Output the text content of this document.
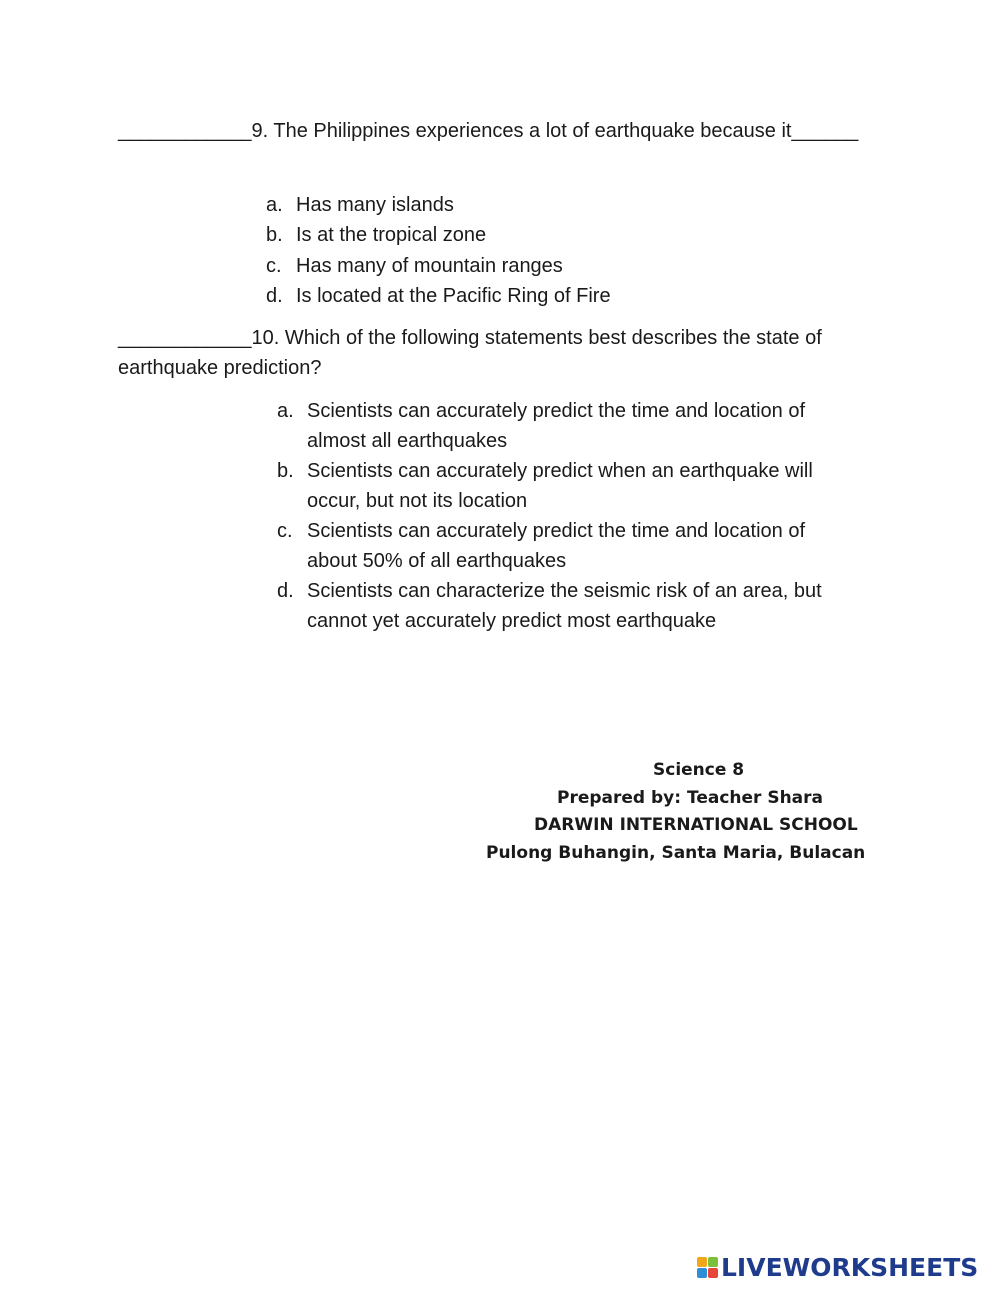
____________9. The Philippines experiences a lot of earthquake because it______
a. Has many islands
b. Is at the tropical zone
c. Has many of mountain ranges
d. Is located at the Pacific Ring of Fire
____________10. Which of the following statements best describes the state of earthquake prediction?
a. Scientists can accurately predict the time and location of almost all earthquakes
b. Scientists can accurately predict when an earthquake will occur, but not its location
c. Scientists can accurately predict the time and location of about 50% of all earthquakes
d. Scientists can characterize the seismic risk of an area, but cannot yet accurately predict most earthquake
Science 8
Prepared by: Teacher Shara
DARWIN INTERNATIONAL SCHOOL
Pulong Buhangin, Santa Maria, Bulacan
LIVEWORKSHEETS
